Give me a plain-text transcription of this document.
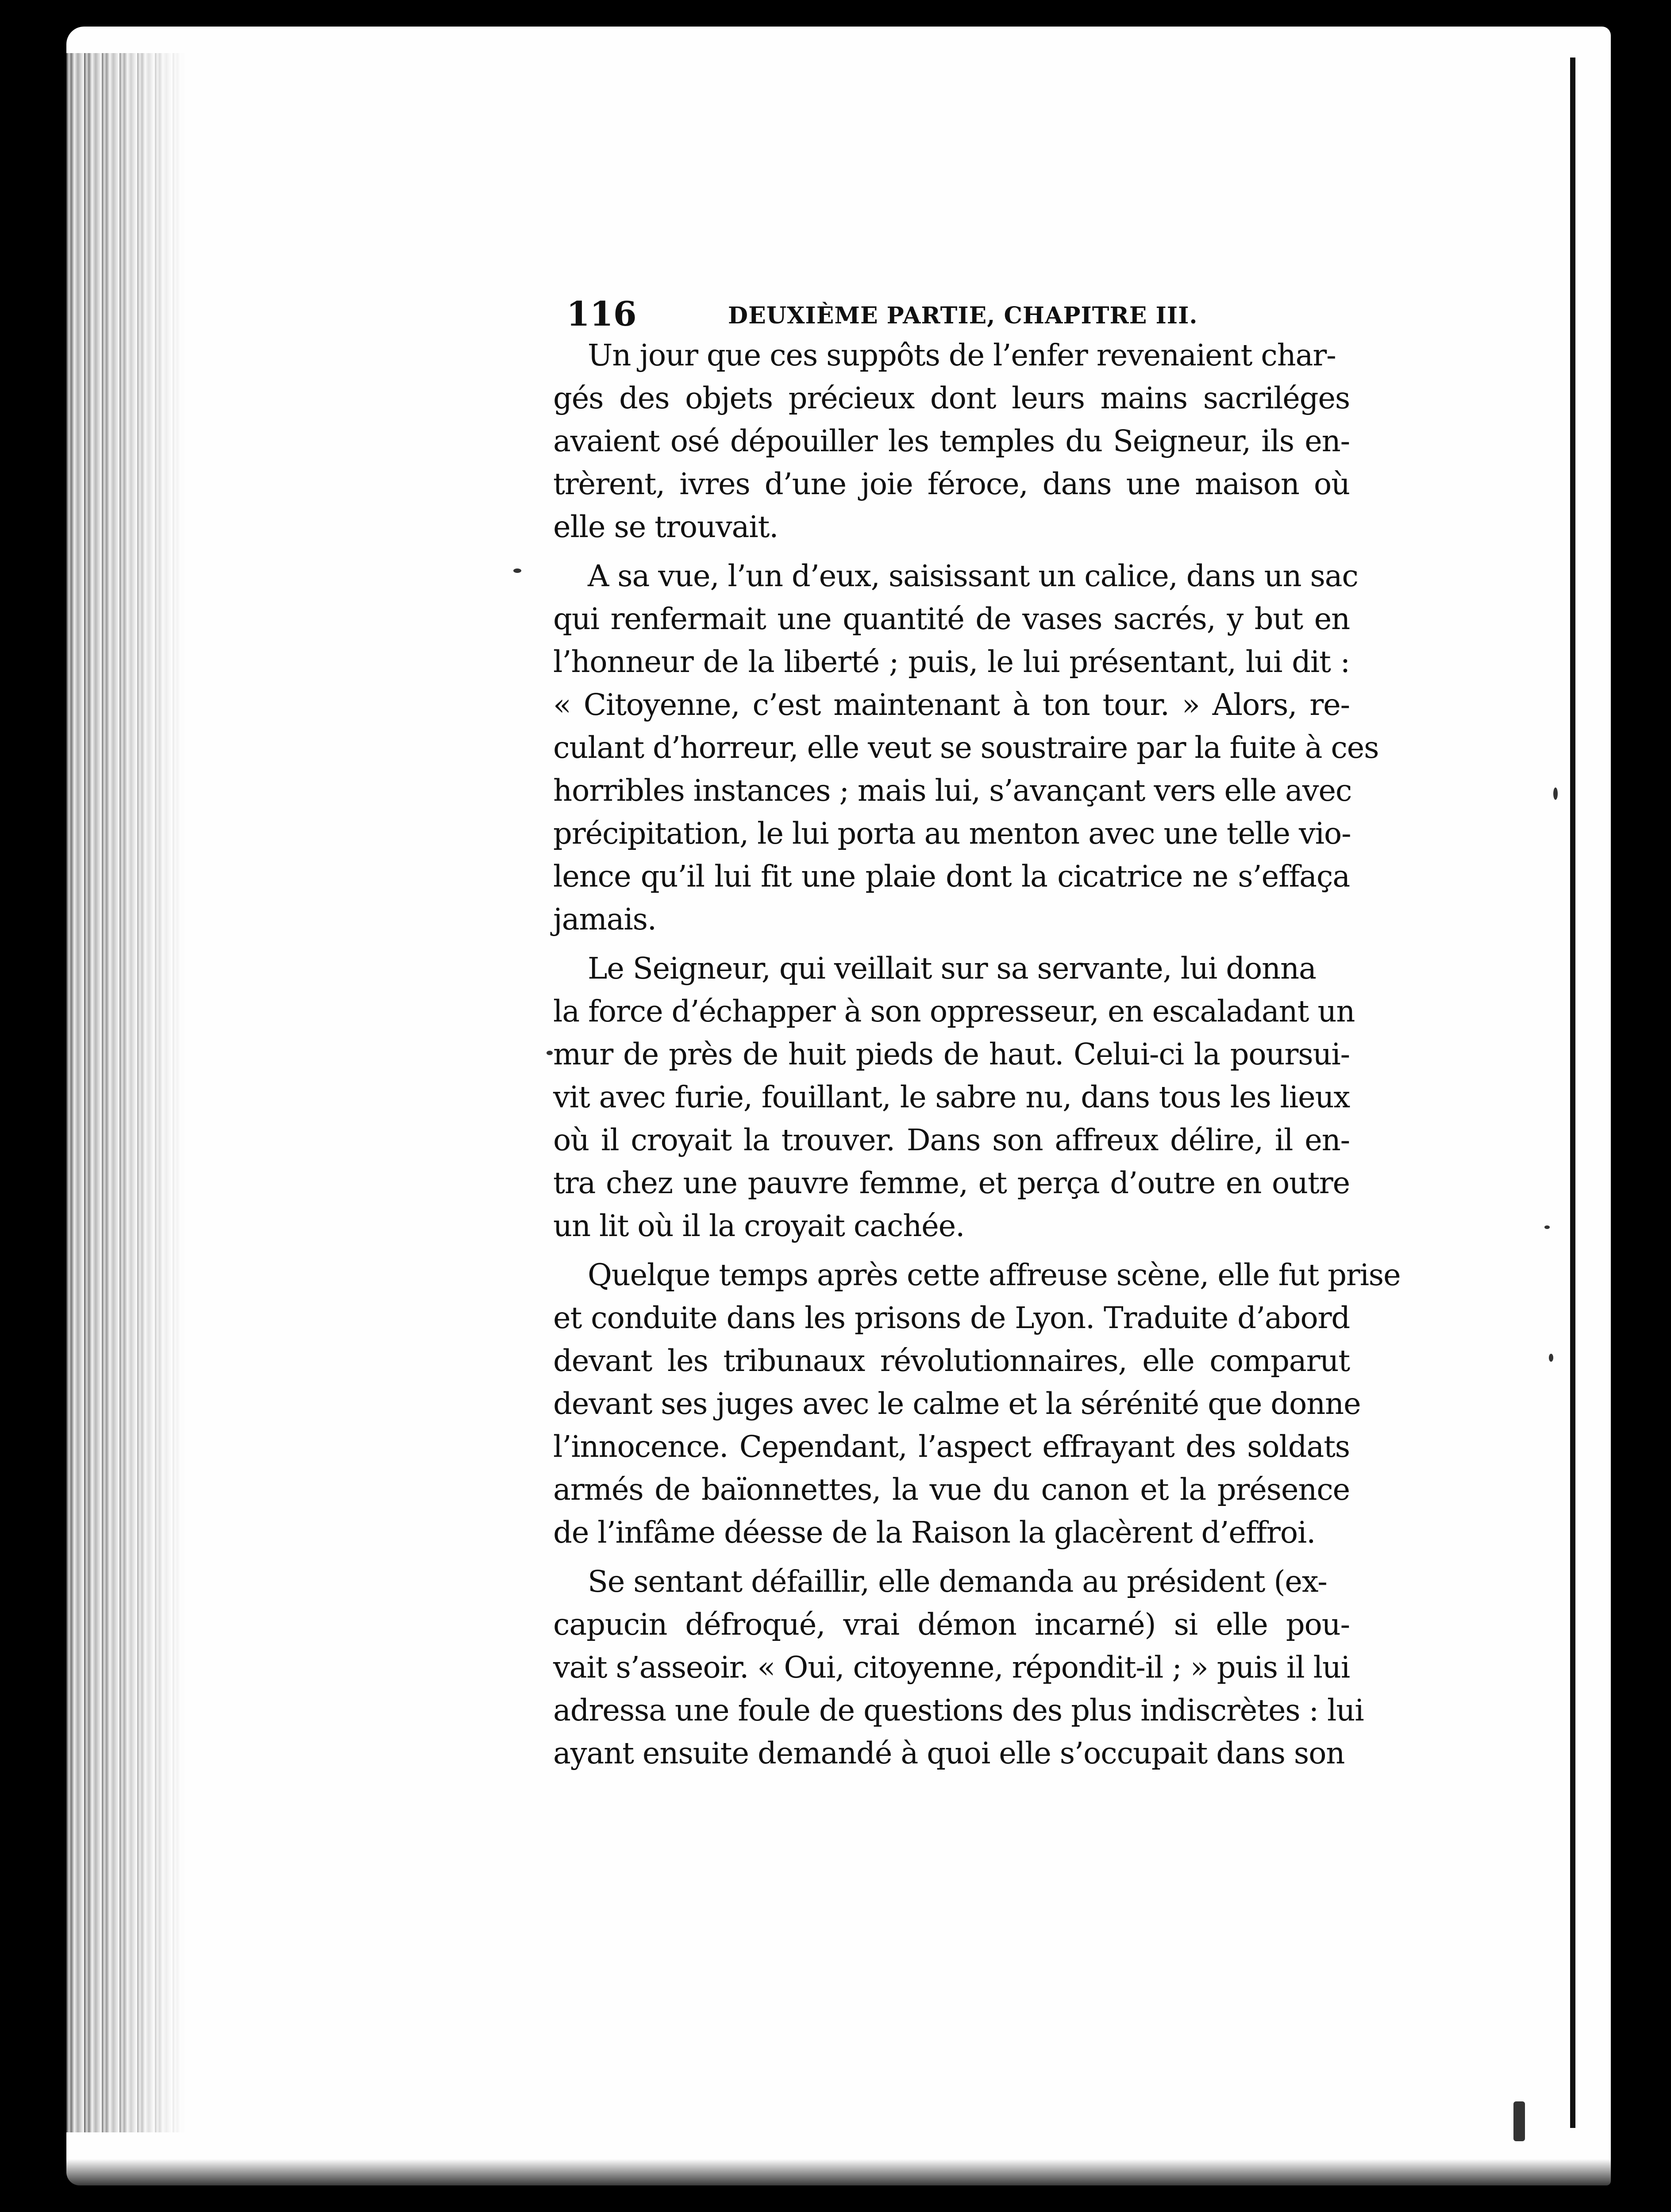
116	DEUXIÈME PARTIE, CHAPITRE III.
Un jour que ces suppôts de l’enfer revenaient char-
gés des objets précieux dont leurs mains sacriléges
avaient osé dépouiller les temples du Seigneur, ils en-
trèrent, ivres d’une joie féroce, dans une maison où
elle se trouvait.
A sa vue, l’un d’eux, saisissant un calice, dans un sac
qui renfermait une quantité de vases sacrés, y but en
l’honneur de la liberté ; puis, le lui présentant, lui dit :
« Citoyenne, c’est maintenant à ton tour. » Alors, re-
culant d’horreur, elle veut se soustraire par la fuite à ces
horribles instances ; mais lui, s’avançant vers elle avec
précipitation, le lui porta au menton avec une telle vio-
lence qu’il lui fit une plaie dont la cicatrice ne s’effaça
jamais.
Le Seigneur, qui veillait sur sa servante, lui donna
la force d’échapper à son oppresseur, en escaladant un
mur de près de huit pieds de haut. Celui-ci la poursui-
vit avec furie, fouillant, le sabre nu, dans tous les lieux
où il croyait la trouver. Dans son affreux délire, il en-
tra chez une pauvre femme, et perça d’outre en outre
un lit où il la croyait cachée.
Quelque temps après cette affreuse scène, elle fut prise
et conduite dans les prisons de Lyon. Traduite d’abord
devant les tribunaux révolutionnaires, elle comparut
devant ses juges avec le calme et la sérénité que donne
l’innocence. Cependant, l’aspect effrayant des soldats
armés de baïonnettes, la vue du canon et la présence
de l’infâme déesse de la Raison la glacèrent d’effroi.
Se sentant défaillir, elle demanda au président (ex-
capucin défroqué, vrai démon incarné) si elle pou-
vait s’asseoir. « Oui, citoyenne, répondit-il ; » puis il lui
adressa une foule de questions des plus indiscrètes : lui
ayant ensuite demandé à quoi elle s’occupait dans son
